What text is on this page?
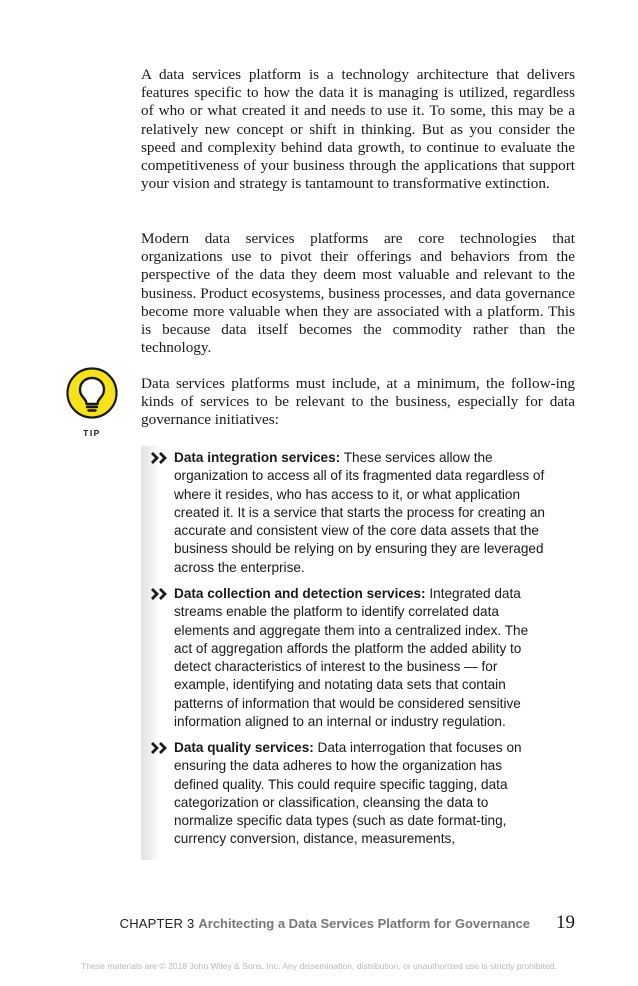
A data services platform is a technology architecture that delivers features specific to how the data it is managing is utilized, regardless of who or what created it and needs to use it. To some, this may be a relatively new concept or shift in thinking. But as you consider the speed and complexity behind data growth, to continue to evaluate the competitiveness of your business through the applications that support your vision and strategy is tantamount to transformative extinction.

Modern data services platforms are core technologies that organizations use to pivot their offerings and behaviors from the perspective of the data they deem most valuable and relevant to the business. Product ecosystems, business processes, and data governance become more valuable when they are associated with a platform. This is because data itself becomes the commodity rather than the technology.

Data services platforms must include, at a minimum, the follow-ing kinds of services to be relevant to the business, especially for data governance initiatives:

TIP
Data integration services: These services allow the organization to access all of its fragmented data regardless of where it resides, who has access to it, or what application created it. It is a service that starts the process for creating an accurate and consistent view of the core data assets that the business should be relying on by ensuring they are leveraged across the enterprise.
Data collection and detection services: Integrated data streams enable the platform to identify correlated data elements and aggregate them into a centralized index. The act of aggregation affords the platform the added ability to detect characteristics of interest to the business — for example, identifying and notating data sets that contain patterns of information that would be considered sensitive information aligned to an internal or industry regulation.
Data quality services: Data interrogation that focuses on ensuring the data adheres to how the organization has defined quality. This could require specific tagging, data categorization or classification, cleansing the data to normalize specific data types (such as date format-ting, currency conversion, distance, measurements,
CHAPTER 3 Architecting a Data Services Platform for Governance 19
These materials are © 2018 John Wiley & Sons, Inc. Any dissemination, distribution, or unauthorized use is strictly prohibited.
